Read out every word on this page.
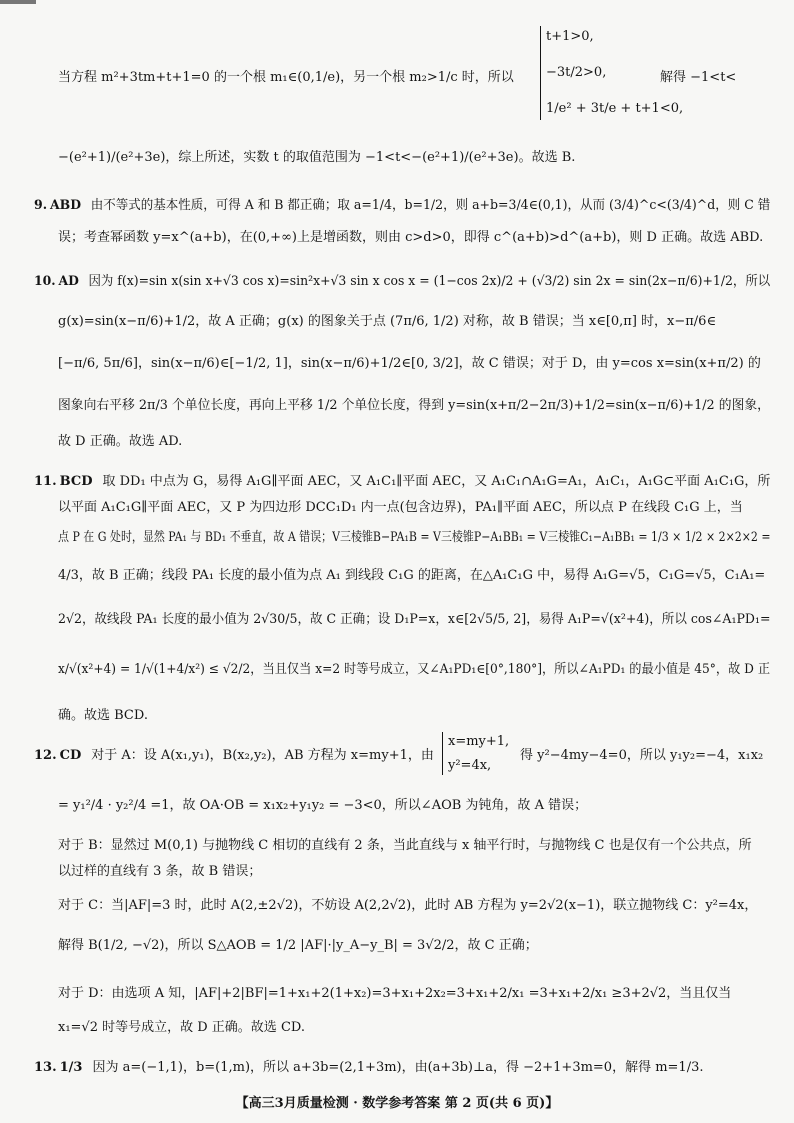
当方程 m²+3tm+t+1=0 的一个根 m₁∈(0,1/e)，另一个根 m₂>1/c 时，所以
t+1>0,
−3t/2>0,
1/e² + 3t/e + t+1<0,
解得 −1<t<
−(e²+1)/(e²+3e)，综上所述，实数 t 的取值范围为 −1<t<−(e²+1)/(e²+3e)。故选 B.
9. ABD 由不等式的基本性质，可得 A 和 B 都正确；取 a=1/4，b=1/2，则 a+b=3/4∈(0,1)，从而 (3/4)^c<(3/4)^d，则 C 错
误；考查幂函数 y=x^(a+b)，在(0,+∞)上是增函数，则由 c>d>0，即得 c^(a+b)>d^(a+b)，则 D 正确。故选 ABD.
10. AD 因为 f(x)=sin x(sin x+√3 cos x)=sin²x+√3 sin x cos x = (1−cos 2x)/2 + (√3/2) sin 2x = sin(2x−π/6)+1/2，所以
g(x)=sin(x−π/6)+1/2，故 A 正确；g(x) 的图象关于点 (7π/6, 1/2) 对称，故 B 错误；当 x∈[0,π] 时，x−π/6∈
[−π/6, 5π/6]，sin(x−π/6)∈[−1/2, 1]，sin(x−π/6)+1/2∈[0, 3/2]，故 C 错误；对于 D，由 y=cos x=sin(x+π/2) 的
图象向右平移 2π/3 个单位长度，再向上平移 1/2 个单位长度，得到 y=sin(x+π/2−2π/3)+1/2=sin(x−π/6)+1/2 的图象，
故 D 正确。故选 AD.
11. BCD 取 DD₁ 中点为 G，易得 A₁G∥平面 AEC，又 A₁C₁∥平面 AEC，又 A₁C₁∩A₁G=A₁，A₁C₁，A₁G⊂平面 A₁C₁G，所
以平面 A₁C₁G∥平面 AEC，又 P 为四边形 DCC₁D₁ 内一点(包含边界)，PA₁∥平面 AEC，所以点 P 在线段 C₁G 上，当
点 P 在 G 处时，显然 PA₁ 与 BD₁ 不垂直，故 A 错误；V三棱锥B−PA₁B = V三棱锥P−A₁BB₁ = V三棱锥C₁−A₁BB₁ = 1/3 × 1/2 × 2×2×2 =
4/3，故 B 正确；线段 PA₁ 长度的最小值为点 A₁ 到线段 C₁G 的距离，在△A₁C₁G 中，易得 A₁G=√5，C₁G=√5，C₁A₁=
2√2，故线段 PA₁ 长度的最小值为 2√30/5，故 C 正确；设 D₁P=x，x∈[2√5/5, 2]，易得 A₁P=√(x²+4)，所以 cos∠A₁PD₁=
x/√(x²+4) = 1/√(1+4/x²) ≤ √2/2，当且仅当 x=2 时等号成立，又∠A₁PD₁∈[0°,180°]，所以∠A₁PD₁ 的最小值是 45°，故 D 正
确。故选 BCD.
12. CD 对于 A：设 A(x₁,y₁)，B(x₂,y₂)，AB 方程为 x=my+1，由
x=my+1,
y²=4x,
得 y²−4my−4=0，所以 y₁y₂=−4，x₁x₂
= y₁²/4 · y₂²/4 =1，故 OA·OB = x₁x₂+y₁y₂ = −3<0，所以∠AOB 为钝角，故 A 错误；
对于 B：显然过 M(0,1) 与抛物线 C 相切的直线有 2 条，当此直线与 x 轴平行时，与抛物线 C 也是仅有一个公共点，所
以过样的直线有 3 条，故 B 错误；
对于 C：当|AF|=3 时，此时 A(2,±2√2)，不妨设 A(2,2√2)，此时 AB 方程为 y=2√2(x−1)，联立抛物线 C：y²=4x，
解得 B(1/2, −√2)，所以 S△AOB = 1/2 |AF|·|y_A−y_B| = 3√2/2，故 C 正确；
对于 D：由选项 A 知，|AF|+2|BF|=1+x₁+2(1+x₂)=3+x₁+2x₂=3+x₁+2/x₁ =3+x₁+2/x₁ ≥3+2√2，当且仅当
x₁=√2 时等号成立，故 D 正确。故选 CD.
13. 1/3 因为 a=(−1,1)，b=(1,m)，所以 a+3b=(2,1+3m)，由(a+3b)⊥a，得 −2+1+3m=0，解得 m=1/3.
【高三3月质量检测 · 数学参考答案 第 2 页(共 6 页)】
